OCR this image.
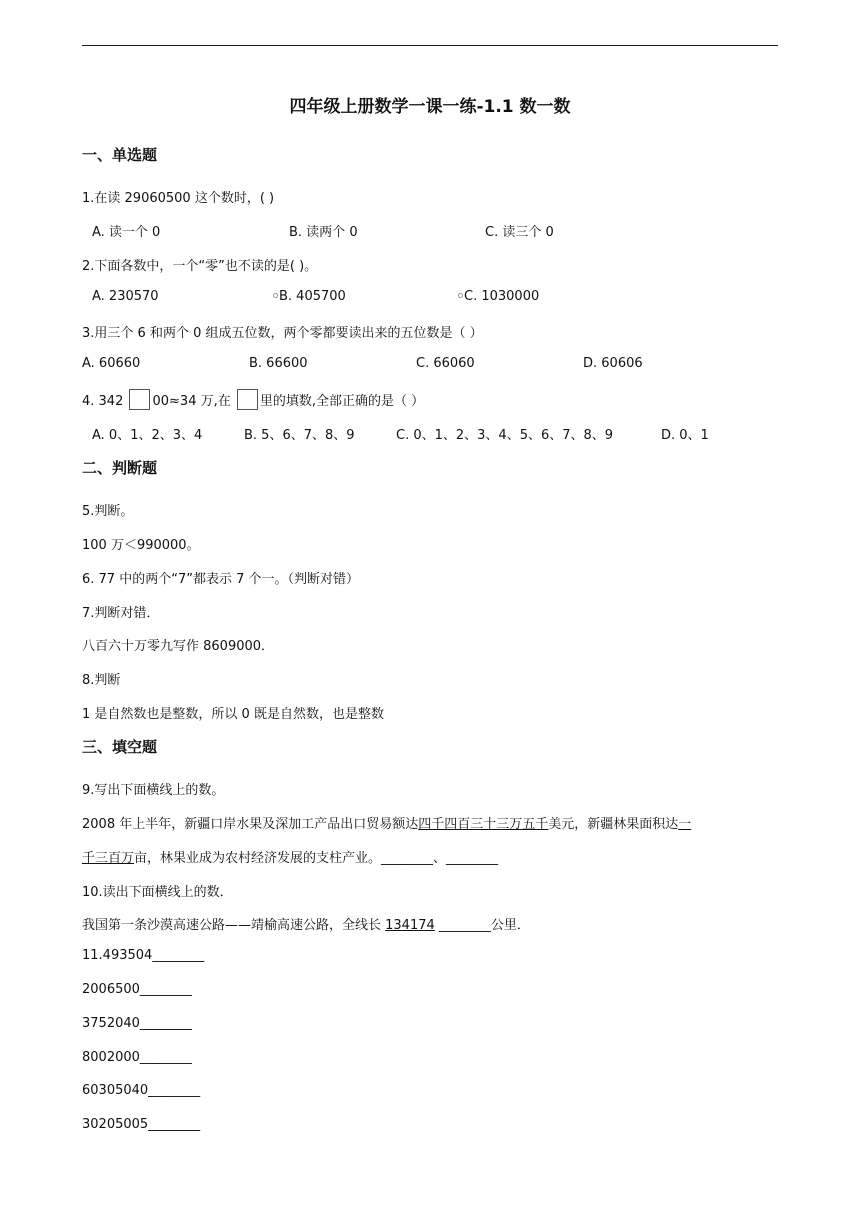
四年级上册数学一课一练-1.1 数一数
一、单选题
1.在读 29060500 这个数时，( )
A. 读一个 0	B. 读两个 0	C. 读三个 0
2.下面各数中，一个“零”也不读的是( )。
A. 230570	B. 405700	C. 1030000
3.用三个 6 和两个 0 组成五位数，两个零都要读出来的五位数是（ ）
A. 60660	B. 66600	C. 66060	D. 60606
4. 342 00≈34 万,在 里的填数,全部正确的是（ ）
A. 0、1、2、3、4	B. 5、6、7、8、9	C. 0、1、2、3、4、5、6、7、8、9	D. 0、1
二、判断题
5.判断。
100 万＜990000。
6. 77 中的两个“7”都表示 7 个一。（判断对错）
7.判断对错．
八百六十万零九写作 8609000．
8.判断
1 是自然数也是整数，所以 0 既是自然数，也是整数
三、填空题
9.写出下面横线上的数。
2008 年上半年，新疆口岸水果及深加工产品出口贸易额达四千四百三十三万五千美元，新疆林果面积达一
千三百万亩，林果业成为农村经济发展的支柱产业。________、________
10.读出下面横线上的数．
我国第一条沙漠高速公路——靖榆高速公路，全线长 134174 ________公里．
11.493504________
2006500________
3752040________
8002000________
60305040________
30205005________
